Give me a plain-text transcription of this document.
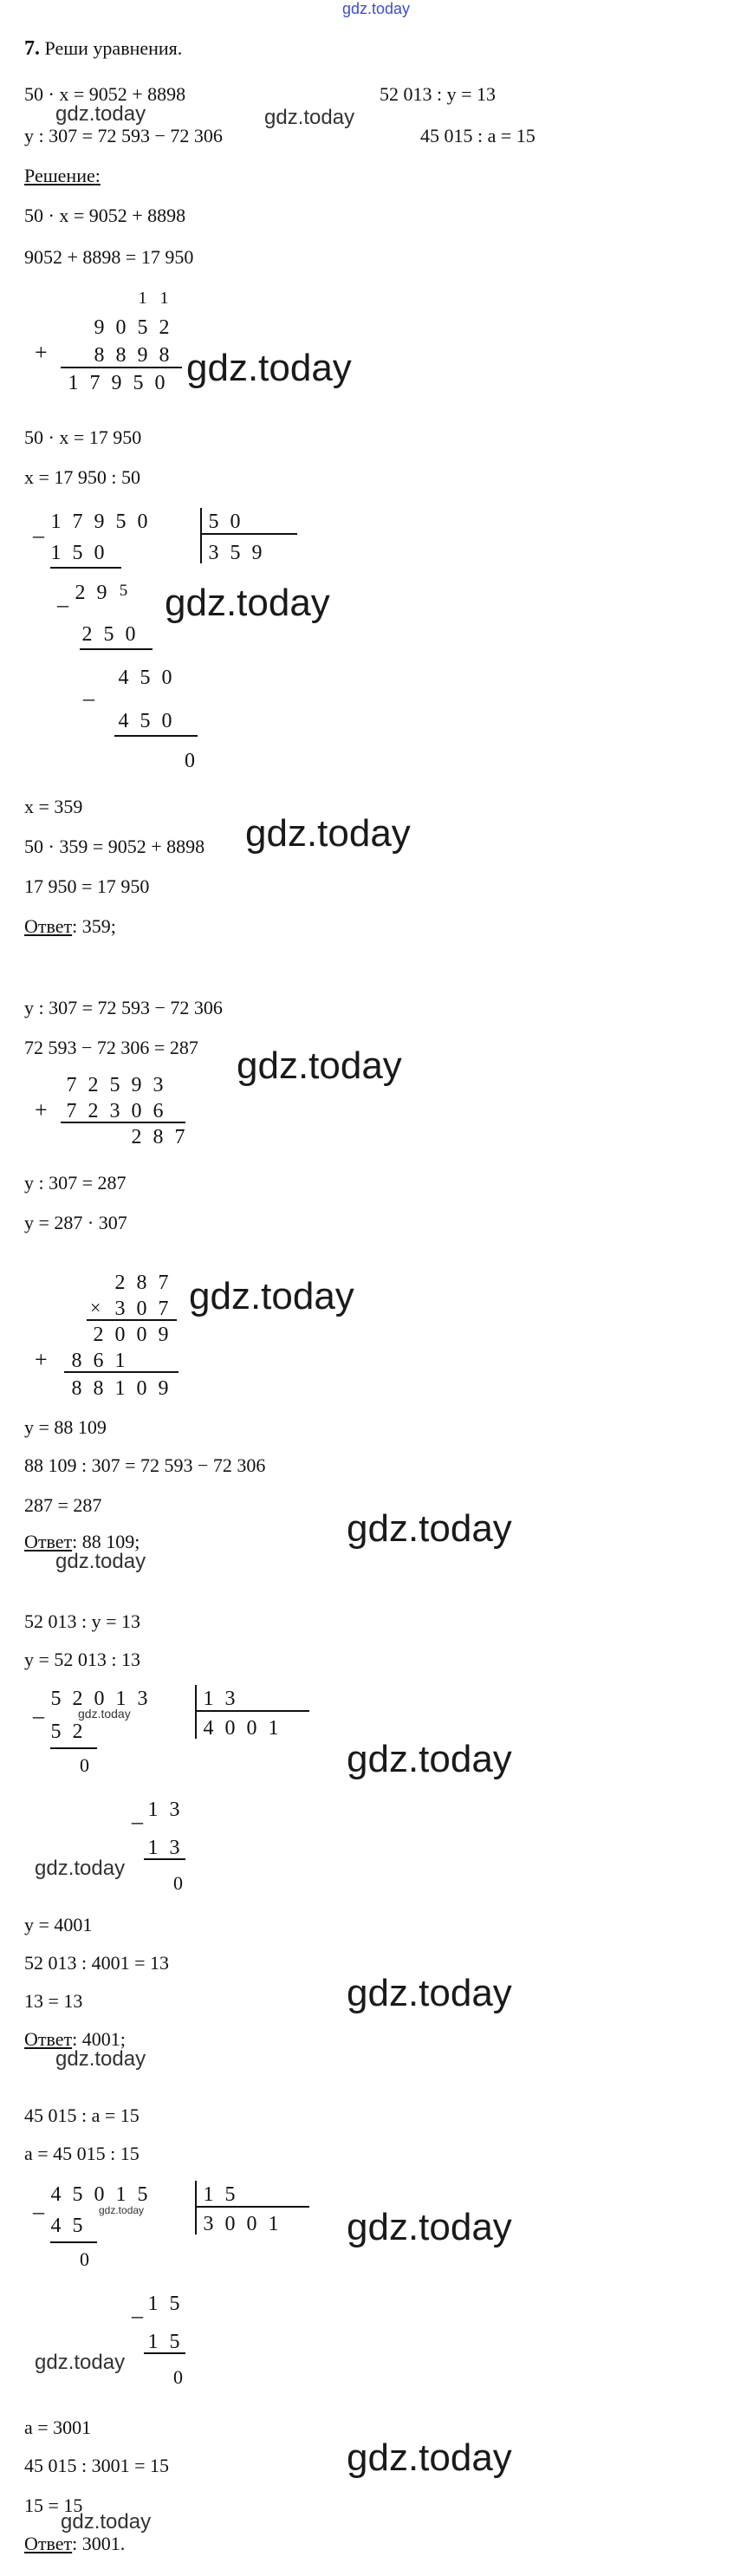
gdz.today
7. Реши уравнения.
50 · x = 9052 + 8898	52 013 : y = 13
y : 307 = 72 593 − 72 306	45 015 : a = 15
gdz.today	gdz.today
Решение:
50 · x = 9052 + 8898
9052 + 8898 = 17 950
1 1
9 0 5 2
+ 8 8 9 8
1 7 9 5 0 gdz.today
50 · x = 17 950
x = 17 950 : 50
_ 1 7 9 5 0	5 0
3 5 9
1 5 0
_ 2 9 5 gdz.today
2 5 0
_ 4 5 0
4 5 0
0
x = 359
50 · 359 = 9052 + 8898 gdz.today
17 950 = 17 950
Ответ: 359;
y : 307 = 72 593 − 72 306
72 593 − 72 306 = 287 gdz.today
7 2 5 9 3
+ 7 2 3 0 6
2 8 7
y : 307 = 287
y = 287 · 307
2 8 7
× 3 0 7 gdz.today
2 0 0 9
+ 8 6 1
8 8 1 0 9
y = 88 109
88 109 : 307 = 72 593 − 72 306
287 = 287
Ответ: 88 109;
gdz.today
gdz.today
52 013 : y = 13
y = 52 013 : 13
_ 5 2 0 1 3	1 3
4 0 0 1
gdz.today
5 2
0	gdz.today
_ 1 3
1 3
gdz.today
0
y = 4001
52 013 : 4001 = 13
13 = 13	gdz.today
Ответ: 4001;
gdz.today
45 015 : a = 15
a = 45 015 : 15
_ 4 5 0 1 5	1 5
3 0 0 1
gdz.today
4 5
0
gdz.today
_ 1 5
1 5
gdz.today
0
a = 3001
45 015 : 3001 = 15	gdz.today
15 = 15
gdz.today
Ответ: 3001.
